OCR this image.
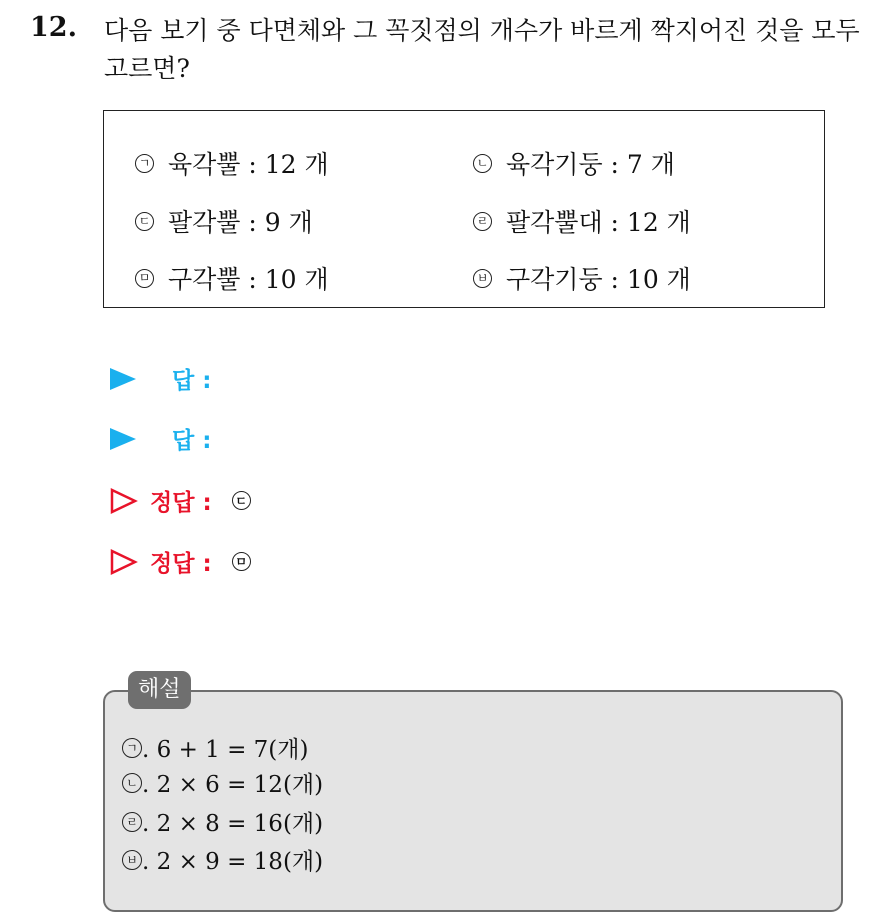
12. 다음 보기 중 다면체와 그 꼭짓점의 개수가 바르게 짝지어진 것을 모두 고르면?
ㄱ 육각뿔 : 12 개	ㄴ 육각기둥 : 7 개
ㄷ 팔각뿔 : 9 개	ㄹ 팔각뿔대 : 12 개
ㅁ 구각뿔 : 10 개	ㅂ 구각기둥 : 10 개
답 :
답 :
정답 :	ㄷ
정답 :	ㅁ
해설
ㄱ . 6 + 1 = 7(개)
ㄴ . 2 × 6 = 12(개)
ㄹ . 2 × 8 = 16(개)
ㅂ . 2 × 9 = 18(개)
